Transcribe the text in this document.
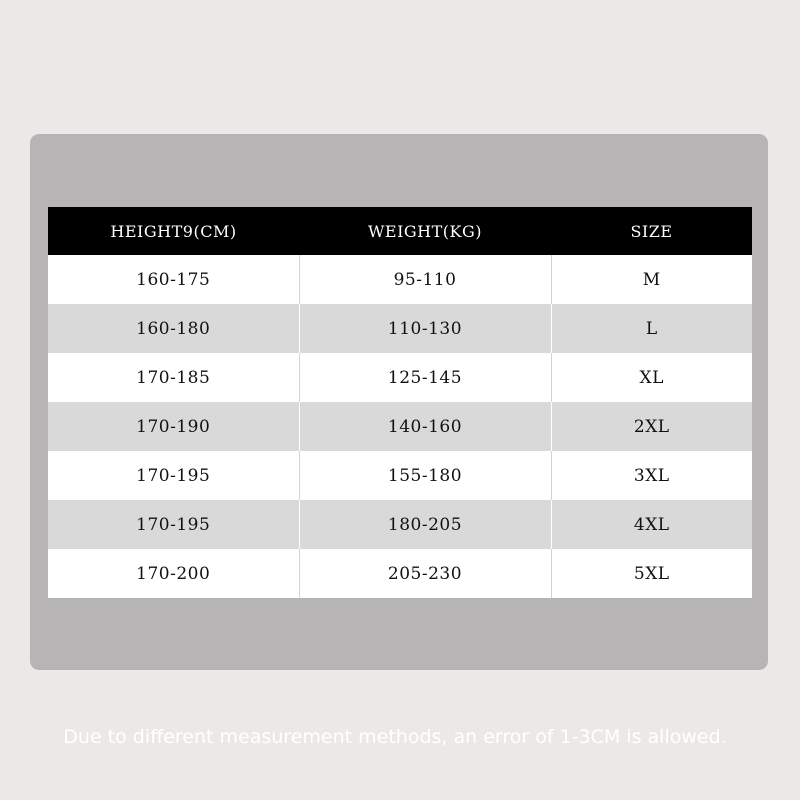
HEIGHT9(CM)	WEIGHT(KG)	SIZE
160-175	95-110	M
160-180	110-130	L
170-185	125-145	XL
170-190	140-160	2XL
170-195	155-180	3XL
170-195	180-205	4XL
170-200	205-230	5XL
Due to different measurement methods, an error of 1-3CM is allowed.
